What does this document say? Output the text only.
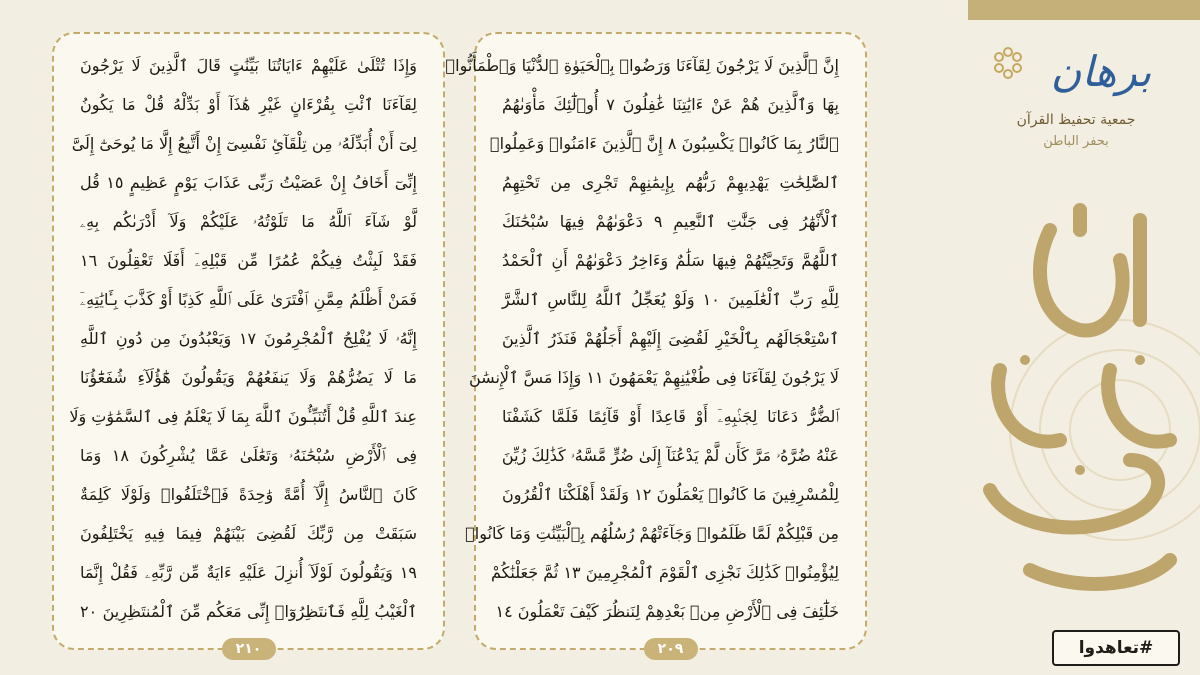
وَإِذَا تُتْلَىٰ عَلَيْهِمْ ءَايَاتُنَا بَيِّنَٰتٍ قَالَ ٱلَّذِينَ لَا يَرْجُونَ
لِقَآءَنَا ٱئْتِ بِقُرْءَانٍ غَيْرِ هَٰذَآ أَوْ بَدِّلْهُ قُلْ مَا يَكُونُ
لِىٓ أَنْ أُبَدِّلَهُۥ مِن تِلْقَآئِ نَفْسِىٓ إِنْ أَتَّبِعُ إِلَّا مَا يُوحَىٰٓ إِلَىَّ
إِنِّىٓ أَخَافُ إِنْ عَصَيْتُ رَبِّى عَذَابَ يَوْمٍ عَظِيمٍ ١٥ قُل
لَّوْ شَآءَ ٱللَّهُ مَا تَلَوْتُهُۥ عَلَيْكُمْ وَلَآ أَدْرَىٰكُم بِهِۦ
فَقَدْ لَبِثْتُ فِيكُمْ عُمُرًا مِّن قَبْلِهِۦٓ أَفَلَا تَعْقِلُونَ ١٦
فَمَنْ أَظْلَمُ مِمَّنِ ٱفْتَرَىٰ عَلَى ٱللَّهِ كَذِبًا أَوْ كَذَّبَ بِـَٔايَٰتِهِۦٓ
إِنَّهُۥ لَا يُفْلِحُ ٱلْمُجْرِمُونَ ١٧ وَيَعْبُدُونَ مِن دُونِ ٱللَّهِ
مَا لَا يَضُرُّهُمْ وَلَا يَنفَعُهُمْ وَيَقُولُونَ هَٰٓؤُلَآءِ شُفَعَٰٓؤُنَا
عِندَ ٱللَّهِ قُلْ أَتُنَبِّـُٔونَ ٱللَّهَ بِمَا لَا يَعْلَمُ فِى ٱلسَّمَٰوَٰتِ وَلَا
فِى ٱلْأَرْضِ سُبْحَٰنَهُۥ وَتَعَٰلَىٰ عَمَّا يُشْرِكُونَ ١٨ وَمَا
كَانَ ٱلنَّاسُ إِلَّآ أُمَّةً وَٰحِدَةً فَٱخْتَلَفُوا۟ وَلَوْلَا كَلِمَةٌ
سَبَقَتْ مِن رَّبِّكَ لَقُضِىَ بَيْنَهُمْ فِيمَا فِيهِ يَخْتَلِفُونَ
١٩ وَيَقُولُونَ لَوْلَآ أُنزِلَ عَلَيْهِ ءَايَةٌ مِّن رَّبِّهِۦ فَقُلْ إِنَّمَا
ٱلْغَيْبُ لِلَّهِ فَٱنتَظِرُوٓا۟ إِنِّى مَعَكُم مِّنَ ٱلْمُنتَظِرِينَ ٢٠
٢١٠
إِنَّ ٱلَّذِينَ لَا يَرْجُونَ لِقَآءَنَا وَرَضُوا۟ بِٱلْحَيَوٰةِ ٱلدُّنْيَا وَٱطْمَأَنُّوا۟
بِهَا وَٱلَّذِينَ هُمْ عَنْ ءَايَٰتِنَا غَٰفِلُونَ ٧ أُو۟لَٰٓئِكَ مَأْوَىٰهُمُ
ٱلنَّارُ بِمَا كَانُوا۟ يَكْسِبُونَ ٨ إِنَّ ٱلَّذِينَ ءَامَنُوا۟ وَعَمِلُوا۟
ٱلصَّٰلِحَٰتِ يَهْدِيهِمْ رَبُّهُم بِإِيمَٰنِهِمْ تَجْرِى مِن تَحْتِهِمُ
ٱلْأَنْهَٰرُ فِى جَنَّٰتِ ٱلنَّعِيمِ ٩ دَعْوَىٰهُمْ فِيهَا سُبْحَٰنَكَ
ٱللَّهُمَّ وَتَحِيَّتُهُمْ فِيهَا سَلَٰمٌ وَءَاخِرُ دَعْوَىٰهُمْ أَنِ ٱلْحَمْدُ
لِلَّهِ رَبِّ ٱلْعَٰلَمِينَ ١٠ وَلَوْ يُعَجِّلُ ٱللَّهُ لِلنَّاسِ ٱلشَّرَّ
ٱسْتِعْجَالَهُم بِٱلْخَيْرِ لَقُضِىَ إِلَيْهِمْ أَجَلُهُمْ فَنَذَرُ ٱلَّذِينَ
لَا يَرْجُونَ لِقَآءَنَا فِى طُغْيَٰنِهِمْ يَعْمَهُونَ ١١ وَإِذَا مَسَّ ٱلْإِنسَٰنَ
ٱلضُّرُّ دَعَانَا لِجَنۢبِهِۦٓ أَوْ قَاعِدًا أَوْ قَآئِمًا فَلَمَّا كَشَفْنَا
عَنْهُ ضُرَّهُۥ مَرَّ كَأَن لَّمْ يَدْعُنَآ إِلَىٰ ضُرٍّ مَّسَّهُۥ كَذَٰلِكَ زُيِّنَ
لِلْمُسْرِفِينَ مَا كَانُوا۟ يَعْمَلُونَ ١٢ وَلَقَدْ أَهْلَكْنَا ٱلْقُرُونَ
مِن قَبْلِكُمْ لَمَّا ظَلَمُوا۟ وَجَآءَتْهُمْ رُسُلُهُم بِٱلْبَيِّنَٰتِ وَمَا كَانُوا۟
لِيُؤْمِنُوا۟ كَذَٰلِكَ نَجْزِى ٱلْقَوْمَ ٱلْمُجْرِمِينَ ١٣ ثُمَّ جَعَلْنَٰكُمْ
خَلَٰٓئِفَ فِى ٱلْأَرْضِ مِنۢ بَعْدِهِمْ لِنَنظُرَ كَيْفَ تَعْمَلُونَ ١٤
٢٠٩
برهان
جمعية تحفيظ القرآن
بحفر الباطن
تعاهدوا
#تعاهدوا
